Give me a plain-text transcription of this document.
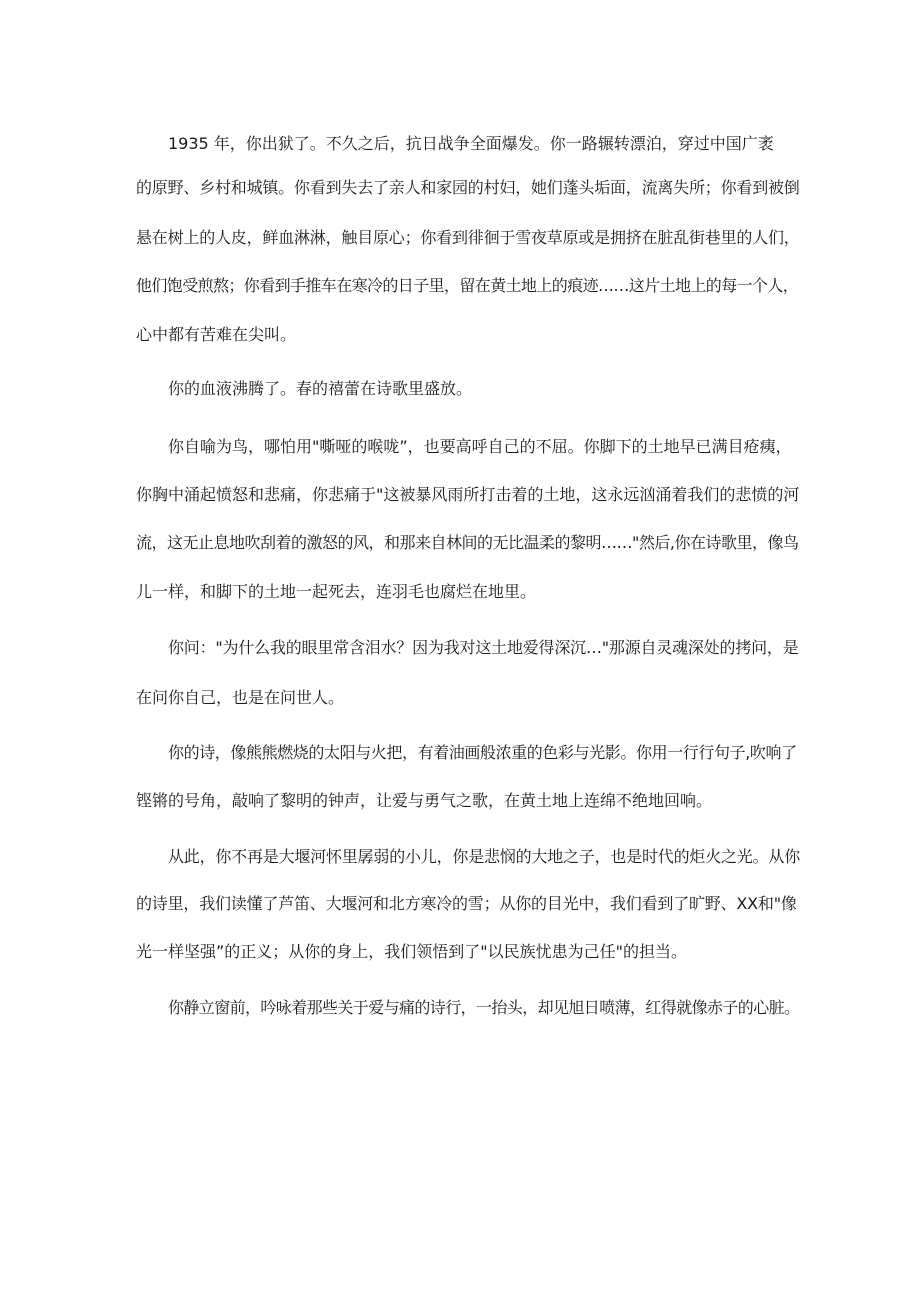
1935 年，你出狱了。不久之后，抗日战争全面爆发。你一路辗转漂泊，穿过中国广袤
的原野、乡村和城镇。你看到失去了亲人和家园的村妇，她们蓬头垢面，流离失所；你看到被倒
悬在树上的人皮，鲜血淋淋，触目原心；你看到徘徊于雪夜草原或是拥挤在脏乱街巷里的人们，
他们饱受煎熬；你看到手推车在寒冷的日子里，留在黄土地上的痕迹……这片土地上的每一个人，
心中都有苦难在尖叫。
你的血液沸腾了。春的禧蕾在诗歌里盛放。
你自喻为鸟，哪怕用"嘶哑的喉咙”，也要高呼自己的不屈。你脚下的土地早已满目疮痍，
你胸中涌起愤怒和悲痛，你悲痛于"这被暴风雨所打击着的土地，这永远汹涌着我们的悲愤的河
流，这无止息地吹刮着的激怒的风，和那来自林间的无比温柔的黎明……"然后,你在诗歌里，像鸟
儿一样，和脚下的土地一起死去，连羽毛也腐烂在地里。
你问："为什么我的眼里常含泪水？因为我对这土地爱得深沉…"那源自灵魂深处的拷问，是
在问你自己，也是在问世人。
你的诗，像熊熊燃烧的太阳与火把，有着油画般浓重的色彩与光影。你用一行行句子,吹响了
铿锵的号角，敲响了黎明的钟声，让爱与勇气之歌，在黄土地上连绵不绝地回响。
从此，你不再是大堰河怀里孱弱的小儿，你是悲悯的大地之子，也是时代的炬火之光。从你
的诗里，我们读懂了芦笛、大堰河和北方寒冷的雪；从你的目光中，我们看到了旷野、XX和"像
光一样坚强”的正义；从你的身上，我们领悟到了"以民族忧患为己任"的担当。
你静立窗前，吟咏着那些关于爱与痛的诗行，一抬头，却见旭日喷薄，红得就像赤子的心脏。
